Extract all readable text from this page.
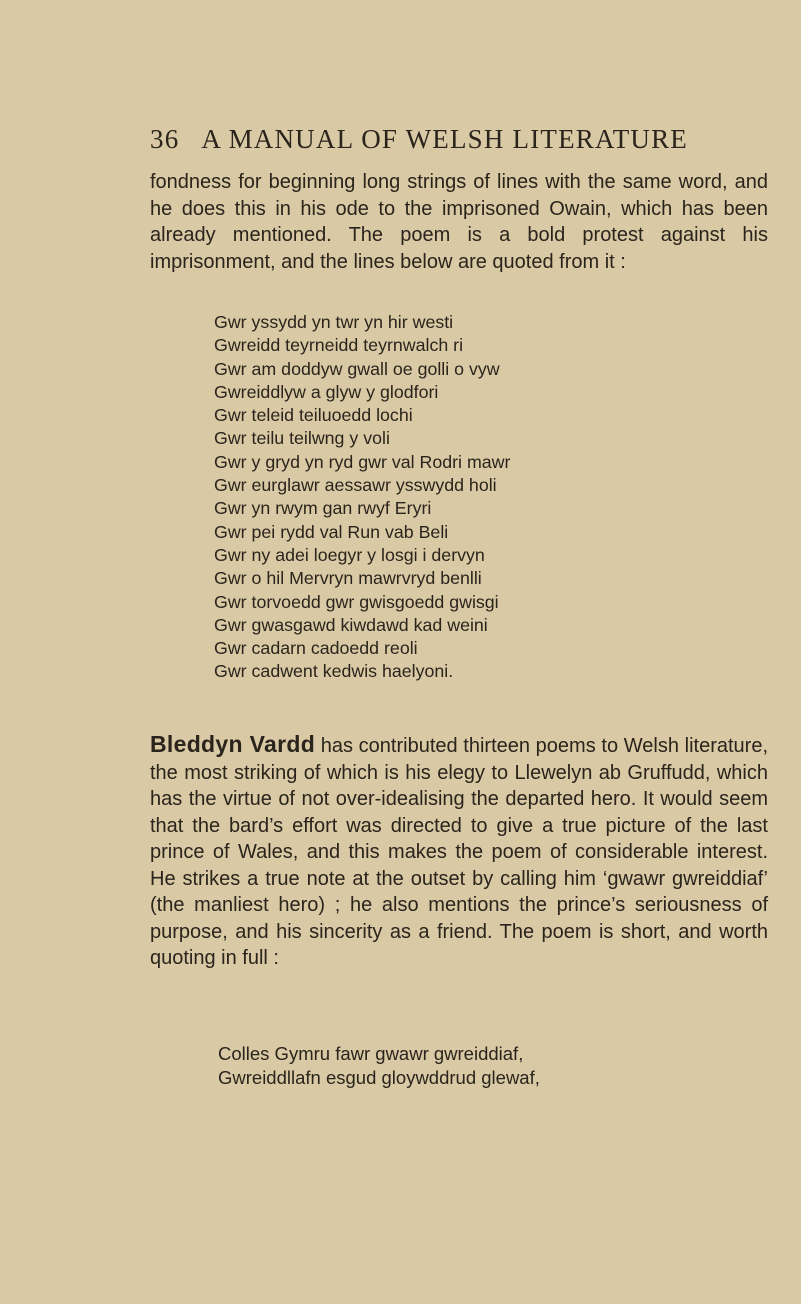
36 A MANUAL OF WELSH LITERATURE

fondness for beginning long strings of lines with the same word, and he does this in his ode to the imprisoned Owain, which has been already mentioned. The poem is a bold protest against his imprisonment, and the lines below are quoted from it :

Gwr yssydd yn twr yn hir westi
Gwreidd teyrneidd teyrnwalch ri
Gwr am doddyw gwall oe golli o vyw
Gwreiddlyw a glyw y glodfori
Gwr teleid teiluoedd lochi
Gwr teilu teilwng y voli
Gwr y gryd yn ryd gwr val Rodri mawr
Gwr eurglawr aessawr ysswydd holi
Gwr yn rwym gan rwyf Eryri
Gwr pei rydd val Run vab Beli
Gwr ny adei loegyr y losgi i dervyn
Gwr o hil Mervryn mawrvryd benlli
Gwr torvoedd gwr gwisgoedd gwisgi
Gwr gwasgawd kiwdawd kad weini
Gwr cadarn cadoedd reoli
Gwr cadwent kedwis haelyoni.

Bleddyn Vardd has contributed thirteen poems to Welsh literature, the most striking of which is his elegy to Llewelyn ab Gruffudd, which has the virtue of not over-idealising the departed hero. It would seem that the bard’s effort was directed to give a true picture of the last prince of Wales, and this makes the poem of considerable interest. He strikes a true note at the outset by calling him ‘gwawr gwreiddiaf’ (the manliest hero) ; he also mentions the prince’s seriousness of purpose, and his sincerity as a friend. The poem is short, and worth quoting in full :

Colles Gymru fawr gwawr gwreiddiaf,
Gwreiddllafn esgud gloywddrud glewaf,
